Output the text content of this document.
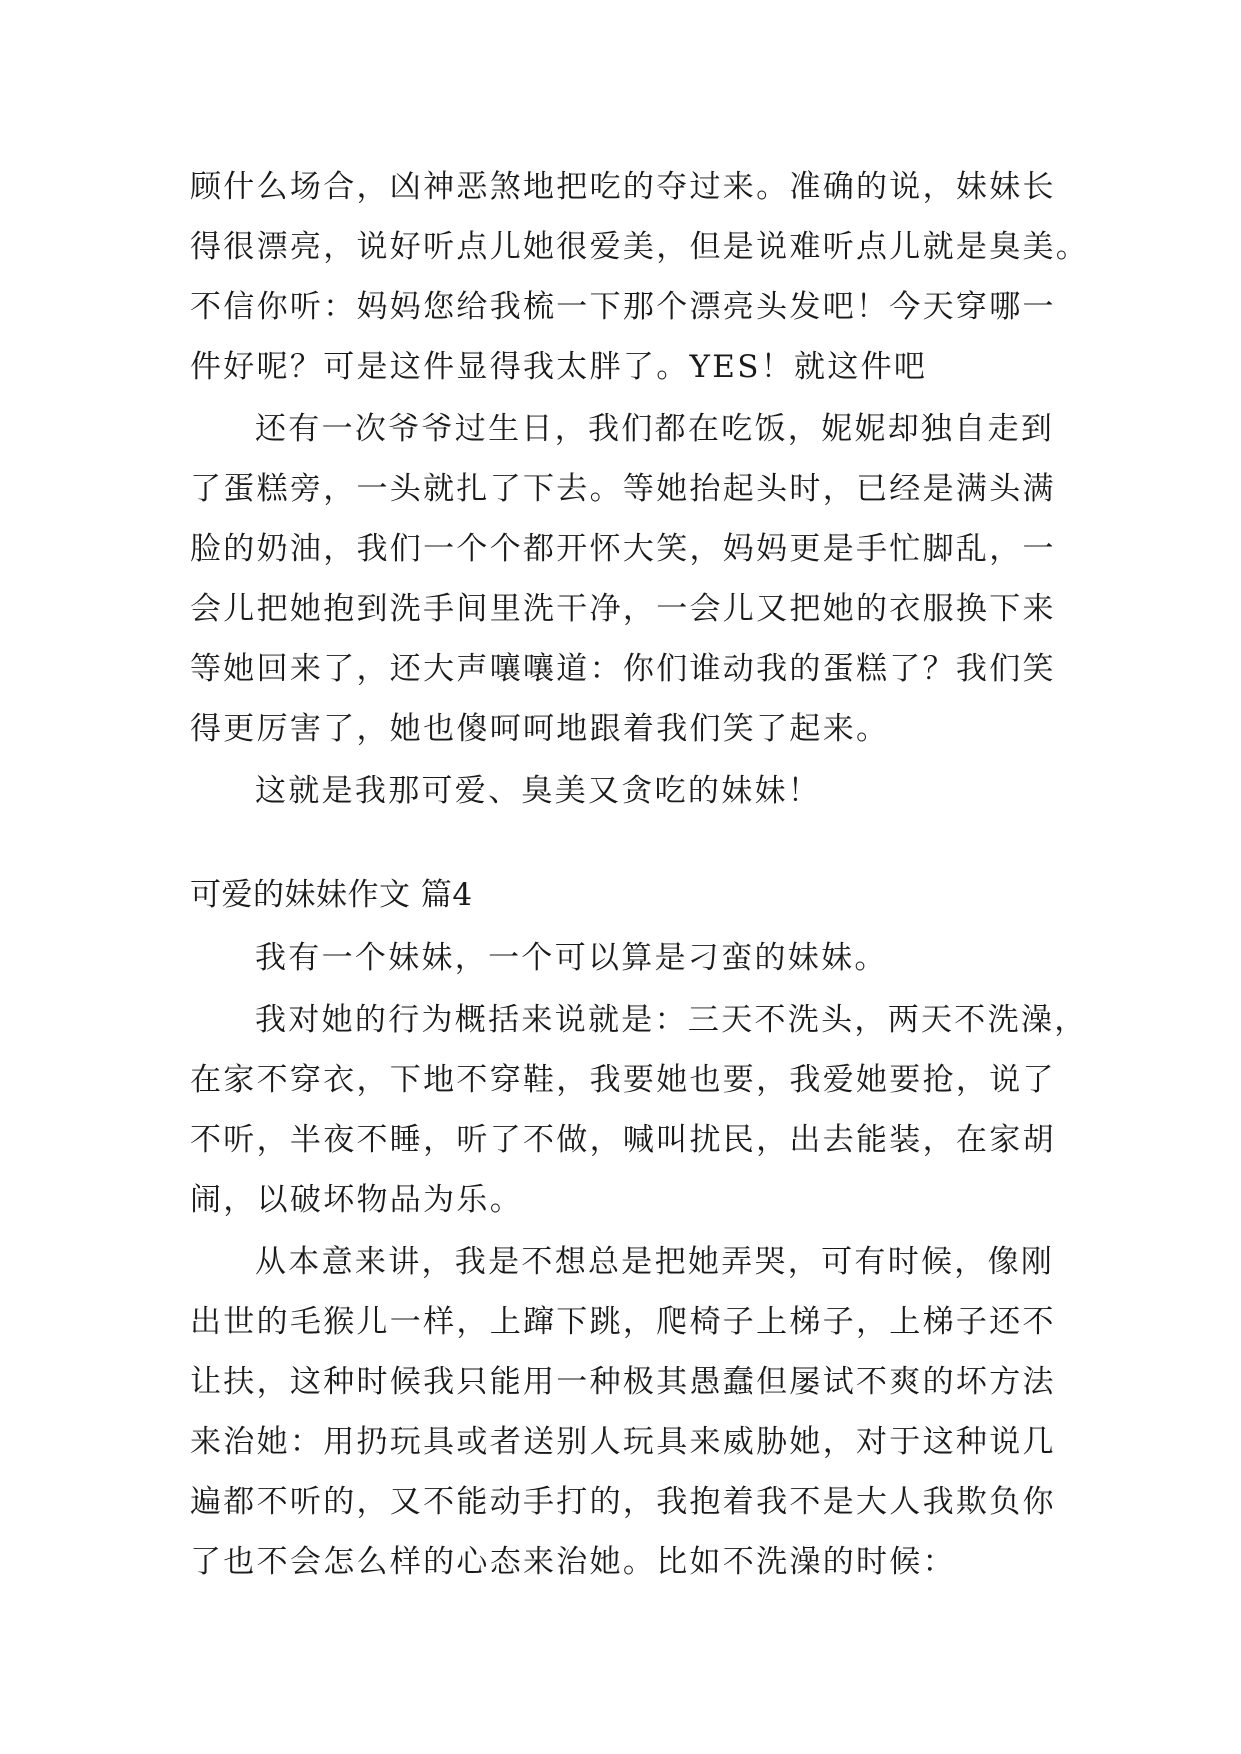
顾什么场合，凶神恶煞地把吃的夺过来。准确的说，妹妹长
得很漂亮，说好听点儿她很爱美，但是说难听点儿就是臭美。
不信你听：妈妈您给我梳一下那个漂亮头发吧！今天穿哪一
件好呢？可是这件显得我太胖了。YES！就这件吧
还有一次爷爷过生日，我们都在吃饭，妮妮却独自走到
了蛋糕旁，一头就扎了下去。等她抬起头时，已经是满头满
脸的奶油，我们一个个都开怀大笑，妈妈更是手忙脚乱，一
会儿把她抱到洗手间里洗干净，一会儿又把她的衣服换下来
等她回来了，还大声嚷嚷道：你们谁动我的蛋糕了？我们笑
得更厉害了，她也傻呵呵地跟着我们笑了起来。
这就是我那可爱、臭美又贪吃的妹妹！
可爱的妹妹作文 篇4
我有一个妹妹，一个可以算是刁蛮的妹妹。
我对她的行为概括来说就是：三天不洗头，两天不洗澡，
在家不穿衣，下地不穿鞋，我要她也要，我爱她要抢，说了
不听，半夜不睡，听了不做，喊叫扰民，出去能装，在家胡
闹，以破坏物品为乐。
从本意来讲，我是不想总是把她弄哭，可有时候，像刚
出世的毛猴儿一样，上蹿下跳，爬椅子上梯子，上梯子还不
让扶，这种时候我只能用一种极其愚蠢但屡试不爽的坏方法
来治她：用扔玩具或者送别人玩具来威胁她，对于这种说几
遍都不听的，又不能动手打的，我抱着我不是大人我欺负你
了也不会怎么样的心态来治她。比如不洗澡的时候：
